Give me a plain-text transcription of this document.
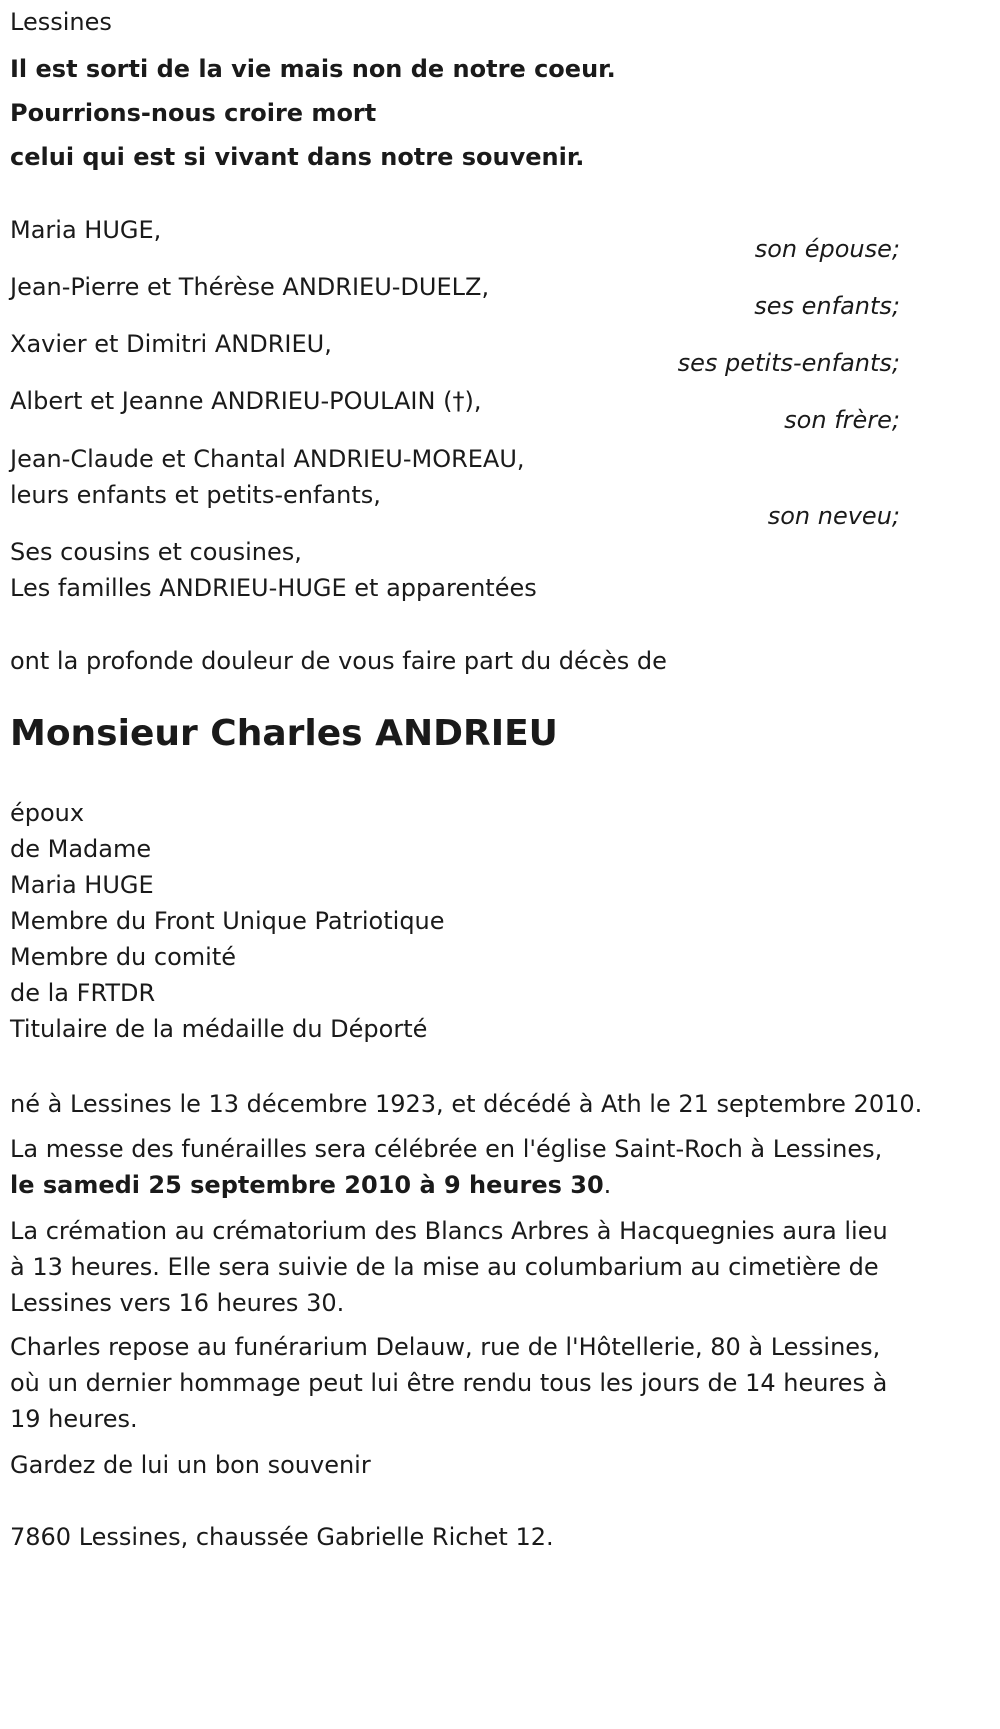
Lessines
Il est sorti de la vie mais non de notre coeur.
Pourrions-nous croire mort
celui qui est si vivant dans notre souvenir.
Maria HUGE,
son épouse;
Jean-Pierre et Thérèse ANDRIEU-DUELZ,
ses enfants;
Xavier et Dimitri ANDRIEU,
ses petits-enfants;
Albert et Jeanne ANDRIEU-POULAIN (†),
son frère;
Jean-Claude et Chantal ANDRIEU-MOREAU,
leurs enfants et petits-enfants,
son neveu;
Ses cousins et cousines,
Les familles ANDRIEU-HUGE et apparentées
ont la profonde douleur de vous faire part du décès de
Monsieur Charles ANDRIEU
époux
de Madame
Maria HUGE
Membre du Front Unique Patriotique
Membre du comité
de la FRTDR
Titulaire de la médaille du Déporté
né à Lessines le 13 décembre 1923, et décédé à Ath le 21 septembre 2010.
La messe des funérailles sera célébrée en l'église Saint-Roch à Lessines,
le samedi 25 septembre 2010 à 9 heures 30.
La crémation au crématorium des Blancs Arbres à Hacquegnies aura lieu
à 13 heures. Elle sera suivie de la mise au columbarium au cimetière de
Lessines vers 16 heures 30.
Charles repose au funérarium Delauw, rue de l'Hôtellerie, 80 à Lessines,
où un dernier hommage peut lui être rendu tous les jours de 14 heures à
19 heures.
Gardez de lui un bon souvenir
7860 Lessines, chaussée Gabrielle Richet 12.
